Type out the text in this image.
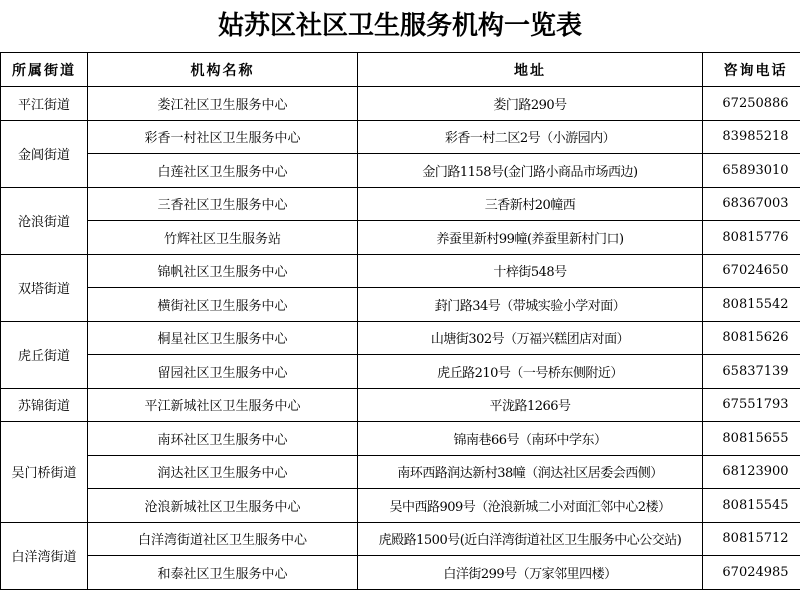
姑苏区社区卫生服务机构一览表
所属街道	机构名称	地址	咨询电话
平江街道	娄江社区卫生服务中心	娄门路290号	67250886
金阊街道	彩香一村社区卫生服务中心	彩香一村二区2号（小游园内）	83985218
	白莲社区卫生服务中心	金门路1158号(金门路小商品市场西边)	65893010
沧浪街道	三香社区卫生服务中心	三香新村20幢西	68367003
	竹辉社区卫生服务站	养蚕里新村99幢(养蚕里新村门口)	80815776
双塔街道	锦帆社区卫生服务中心	十梓街548号	67024650
	横街社区卫生服务中心	葑门路34号（带城实验小学对面）	80815542
虎丘街道	桐星社区卫生服务中心	山塘街302号（万福兴糕团店对面）	80815626
	留园社区卫生服务中心	虎丘路210号（一号桥东侧附近）	65837139
苏锦街道	平江新城社区卫生服务中心	平泷路1266号	67551793
吴门桥街道	南环社区卫生服务中心	锦南巷66号（南环中学东）	80815655
	润达社区卫生服务中心	南环西路润达新村38幢（润达社区居委会西侧）	68123900
	沧浪新城社区卫生服务中心	吴中西路909号（沧浪新城二小对面汇邻中心2楼）	80815545
白洋湾街道	白洋湾街道社区卫生服务中心	虎殿路1500号(近白洋湾街道社区卫生服务中心公交站)	80815712
	和泰社区卫生服务中心	白洋街299号（万家邻里四楼）	67024985
